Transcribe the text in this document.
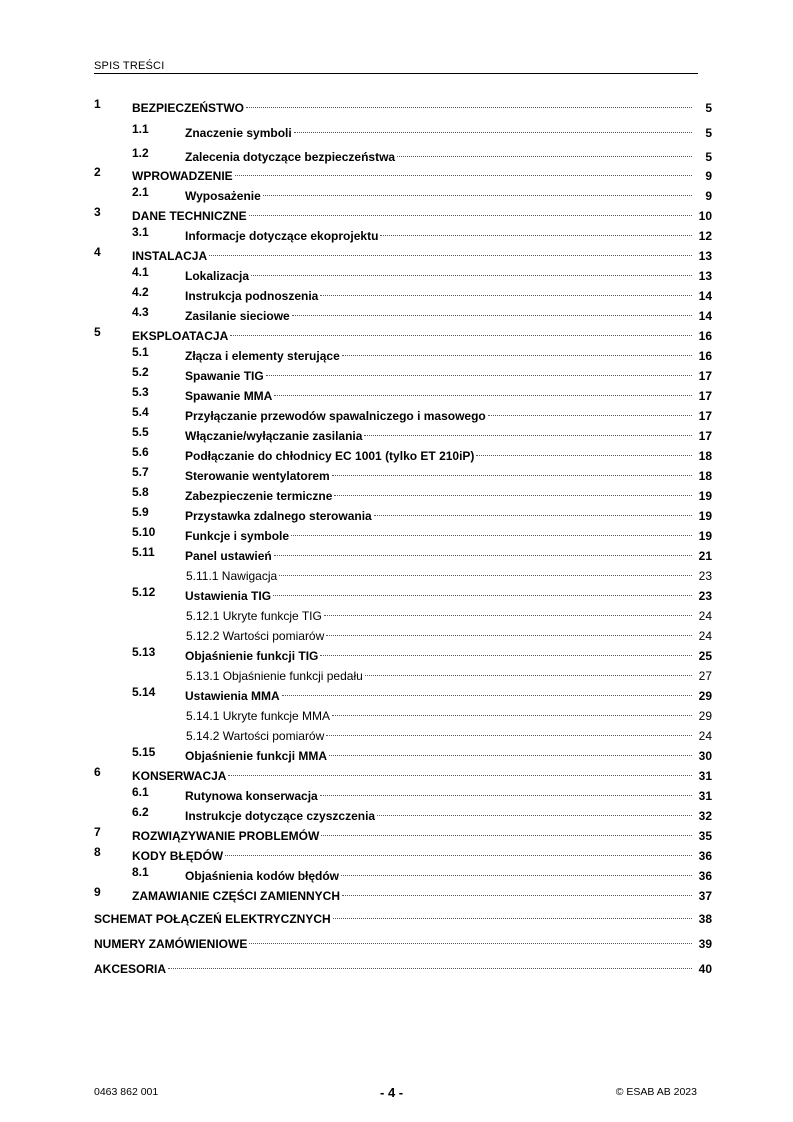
SPIS TREŚCI
1	BEZPIECZEŃSTWO	5
1.1	Znaczenie symboli	5
1.2	Zalecenia dotyczące bezpieczeństwa	5
2	WPROWADZENIE	9
2.1	Wyposażenie	9
3	DANE TECHNICZNE	10
3.1	Informacje dotyczące ekoprojektu	12
4	INSTALACJA	13
4.1	Lokalizacja	13
4.2	Instrukcja podnoszenia	14
4.3	Zasilanie sieciowe	14
5	EKSPLOATACJA	16
5.1	Złącza i elementy sterujące	16
5.2	Spawanie TIG	17
5.3	Spawanie MMA	17
5.4	Przyłączanie przewodów spawalniczego i masowego	17
5.5	Włączanie/wyłączanie zasilania	17
5.6	Podłączanie do chłodnicy EC 1001 (tylko ET 210iP)	18
5.7	Sterowanie wentylatorem	18
5.8	Zabezpieczenie termiczne	19
5.9	Przystawka zdalnego sterowania	19
5.10 Funkcje i symbole	19
5.11	Panel ustawień	21
5.11.1 Nawigacja	23
5.12 Ustawienia TIG	23
5.12.1 Ukryte funkcje TIG	24
5.12.2 Wartości pomiarów	24
5.13 Objaśnienie funkcji TIG	25
5.13.1 Objaśnienie funkcji pedału	27
5.14 Ustawienia MMA	29
5.14.1 Ukryte funkcje MMA	29
5.14.2 Wartości pomiarów	24
5.15 Objaśnienie funkcji MMA	30
6	KONSERWACJA	31
6.1	Rutynowa konserwacja	31
6.2	Instrukcje dotyczące czyszczenia	32
7	ROZWIĄZYWANIE PROBLEMÓW	35
8	KODY BŁĘDÓW	36
8.1	Objaśnienia kodów błędów	36
9	ZAMAWIANIE CZĘŚCI ZAMIENNYCH	37
SCHEMAT POŁĄCZEŃ ELEKTRYCZNYCH	38
NUMERY ZAMÓWIENIOWE	39
AKCESORIA	40
0463 862 001	- 4 -	© ESAB AB 2023
